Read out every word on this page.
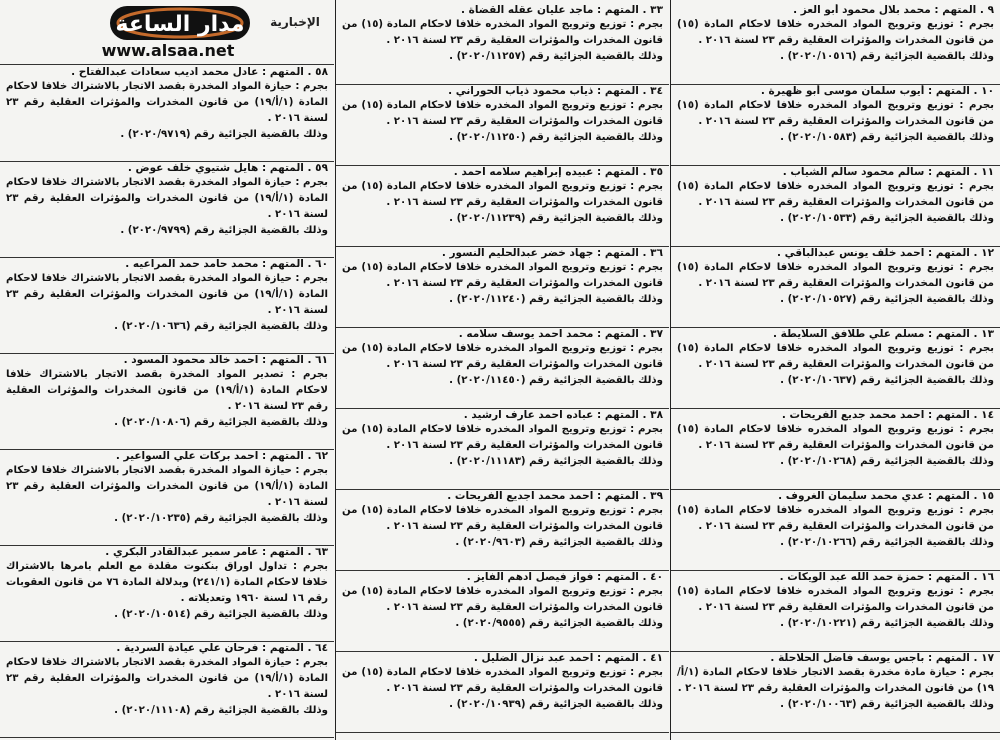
٩ . المتهم : محمد بلال محمود أبو العز .
بجرم : توزيع وترويج المواد المخدره خلافا لاحكام المادة (١٥) من قانون المخدرات والمؤثرات العقلية رقم ٢٣ لسنة ٢٠١٦ .
وذلك بالقضية الجزائية رقم (٢٠٢٠/١٠٥١٦) .
١٠ . المتهم : أيوب سلمان موسى أبو ظهيرة .
بجرم : توزيع وترويج المواد المخدره خلافا لاحكام المادة (١٥) من قانون المخدرات والمؤثرات العقلية رقم ٢٣ لسنة ٢٠١٦ .
وذلك بالقضية الجزائية رقم (٢٠٢٠/١٠٥٨٣) .
١١ . المتهم : سالم محمود سالم الشياب .
بجرم : توزيع وترويج المواد المخدره خلافا لاحكام المادة (١٥) من قانون المخدرات والمؤثرات العقلية رقم ٢٣ لسنة ٢٠١٦ .
وذلك بالقضية الجزائية رقم (٢٠٢٠/١٠٥٣٣) .
١٢ . المتهم : احمد خلف يونس عبدالباقي .
بجرم : توزيع وترويج المواد المخدره خلافا لاحكام المادة (١٥) من قانون المخدرات والمؤثرات العقلية رقم ٢٣ لسنة ٢٠١٦ .
وذلك بالقضية الجزائية رقم (٢٠٢٠/١٠٥٢٧) .
١٣ . المتهم : مسلم علي طلافق السلايطة .
بجرم : توزيع وترويج المواد المخدره خلافا لاحكام المادة (١٥) من قانون المخدرات والمؤثرات العقلية رقم ٢٣ لسنة ٢٠١٦ .
وذلك بالقضية الجزائية رقم (٢٠٢٠/١٠٦٣٧) .
١٤ . المتهم : احمد محمد جديع الفريحات .
بجرم : توزيع وترويج المواد المخدره خلافا لاحكام المادة (١٥) من قانون المخدرات والمؤثرات العقلية رقم ٢٣ لسنة ٢٠١٦ .
وذلك بالقضية الجزائية رقم (٢٠٢٠/١٠٢٦٨) .
١٥ . المتهم : عدي محمد سليمان الغروف .
بجرم : توزيع وترويج المواد المخدره خلافا لاحكام المادة (١٥) من قانون المخدرات والمؤثرات العقلية رقم ٢٣ لسنة ٢٠١٦ .
وذلك بالقضية الجزائية رقم (٢٠٢٠/١٠٢٦٦) .
١٦ . المتهم : حمزة حمد الله عبد الويكات .
بجرم : توزيع وترويج المواد المخدره خلافا لاحكام المادة (١٥) من قانون المخدرات والمؤثرات العقلية رقم ٢٣ لسنة ٢٠١٦ .
وذلك بالقضية الجزائية رقم (٢٠٢٠/١٠٢٢١) .
١٧ . المتهم : باجس يوسف فاضل الحلاحلة .
بجرم : حيازة مادة مخدرة بقصد الاتجار خلافا لاحكام المادة (١/أ/١٩) من قانون المخدرات والمؤثرات العقلية رقم ٢٣ لسنة ٢٠١٦ .
وذلك بالقضية الجزائية رقم (٢٠٢٠/١٠٠٦٣) .
٣٣ . المتهم : ماجد عليان عقله القضاة .
بجرم : توزيع وترويج المواد المخدره خلافا لاحكام المادة (١٥) من قانون المخدرات والمؤثرات العقلية رقم ٢٣ لسنة ٢٠١٦ .
وذلك بالقضية الجزائية رقم (٢٠٢٠/١١٢٥٧) .
٣٤ . المتهم : ذياب محمود ذياب الحوراني .
بجرم : توزيع وترويج المواد المخدره خلافا لاحكام المادة (١٥) من قانون المخدرات والمؤثرات العقلية رقم ٢٣ لسنة ٢٠١٦ .
وذلك بالقضية الجزائية رقم (٢٠٢٠/١١٢٥٠) .
٣٥ . المتهم : عبيده إبراهيم سلامه احمد .
بجرم : توزيع وترويج المواد المخدره خلافا لاحكام المادة (١٥) من قانون المخدرات والمؤثرات العقلية رقم ٢٣ لسنة ٢٠١٦ .
وذلك بالقضية الجزائية رقم (٢٠٢٠/١١٢٣٩) .
٣٦ . المتهم : جهاد خضر عبدالحليم النسور .
بجرم : توزيع وترويج المواد المخدره خلافا لاحكام المادة (١٥) من قانون المخدرات والمؤثرات العقلية رقم ٢٣ لسنة ٢٠١٦ .
وذلك بالقضية الجزائية رقم (٢٠٢٠/١١٢٤٠) .
٣٧ . المتهم : محمد احمد يوسف سلامه .
بجرم : توزيع وترويج المواد المخدره خلافا لاحكام المادة (١٥) من قانون المخدرات والمؤثرات العقلية رقم ٢٣ لسنة ٢٠١٦ .
وذلك بالقضية الجزائية رقم (٢٠٢٠/١١٤٥٠) .
٣٨ . المتهم : عباده احمد عارف ارشيد .
بجرم : توزيع وترويج المواد المخدره خلافا لاحكام المادة (١٥) من قانون المخدرات والمؤثرات العقلية رقم ٢٣ لسنة ٢٠١٦ .
وذلك بالقضية الجزائية رقم (٢٠٢٠/١١١٨٣) .
٣٩ . المتهم : احمد محمد اجديع الفريحات .
بجرم : توزيع وترويج المواد المخدره خلافا لاحكام المادة (١٥) من قانون المخدرات والمؤثرات العقلية رقم ٢٣ لسنة ٢٠١٦ .
وذلك بالقضية الجزائية رقم (٢٠٢٠/٩٦٠٣) .
٤٠ . المتهم : فواز فيصل ادهم الفايز .
بجرم : توزيع وترويج المواد المخدره خلافا لاحكام المادة (١٥) من قانون المخدرات والمؤثرات العقلية رقم ٢٣ لسنة ٢٠١٦ .
وذلك بالقضية الجزائية رقم (٢٠٢٠/٩٥٥٥) .
٤١ . المتهم : احمد عبد نزال الضليل .
بجرم : توزيع وترويج المواد المخدره خلافا لاحكام المادة (١٥) من قانون المخدرات والمؤثرات العقلية رقم ٢٣ لسنة ٢٠١٦ .
وذلك بالقضية الجزائية رقم (٢٠٢٠/١٠٩٣٩) .
مدار الساعة الإخبارية
www.alsaa.net
٥٨ . المتهم : عادل محمد اديب سعادات عبدالفتاح .
بجرم : حيازة المواد المخدرة بقصد الاتجار بالاشتراك خلافا لاحكام المادة (١/أ/١٩) من قانون المخدرات والمؤثرات العقلية رقم ٢٣ لسنة ٢٠١٦ .
وذلك بالقضية الجزائية رقم (٢٠٢٠/٩٧١٩) .
٥٩ . المتهم : هايل شتيوي خلف عوض .
بجرم : حيازة المواد المخدرة بقصد الاتجار بالاشتراك خلافا لاحكام المادة (١/أ/١٩) من قانون المخدرات والمؤثرات العقلية رقم ٢٣ لسنة ٢٠١٦ .
وذلك بالقضية الجزائية رقم (٢٠٢٠/٩٧٩٩) .
٦٠ . المتهم : محمد حامد حمد المراعيه .
بجرم : حيازة المواد المخدرة بقصد الاتجار بالاشتراك خلافا لاحكام المادة (١/أ/١٩) من قانون المخدرات والمؤثرات العقلية رقم ٢٣ لسنة ٢٠١٦ .
وذلك بالقضية الجزائية رقم (٢٠٢٠/١٠٦٣٦) .
٦١ . المتهم : احمد خالد محمود المسود .
بجرم : تصدير المواد المخدرة بقصد الاتجار بالاشتراك خلافا لاحكام المادة (١/أ/١٩) من قانون المخدرات والمؤثرات العقلية رقم ٢٣ لسنة ٢٠١٦ .
وذلك بالقضية الجزائية رقم (٢٠٢٠/١٠٨٠٦) .
٦٢ . المتهم : احمد بركات علي السواعير .
بجرم : حيازة المواد المخدرة بقصد الاتجار بالاشتراك خلافا لاحكام المادة (١/أ/١٩) من قانون المخدرات والمؤثرات العقلية رقم ٢٣ لسنة ٢٠١٦ .
وذلك بالقضية الجزائية رقم (٢٠٢٠/١٠٢٣٥) .
٦٣ . المتهم : عامر سمير عبدالقادر البكري .
بجرم : تداول اوراق بنكنوت مقلدة مع العلم بامرها بالاشتراك خلافا لاحكام المادة (٢٤١/١) وبدلالة المادة ٧٦ من قانون العقوبات رقم ١٦ لسنة ١٩٦٠ وتعديلاته .
وذلك بالقضية الجزائية رقم (٢٠٢٠/١٠٥١٤) .
٦٤ . المتهم : فرحان علي عيادة السردية .
بجرم : حيازة المواد المخدرة بقصد الاتجار بالاشتراك خلافا لاحكام المادة (١/أ/١٩) من قانون المخدرات والمؤثرات العقلية رقم ٢٣ لسنة ٢٠١٦ .
وذلك بالقضية الجزائية رقم (٢٠٢٠/١١١٠٨) .
